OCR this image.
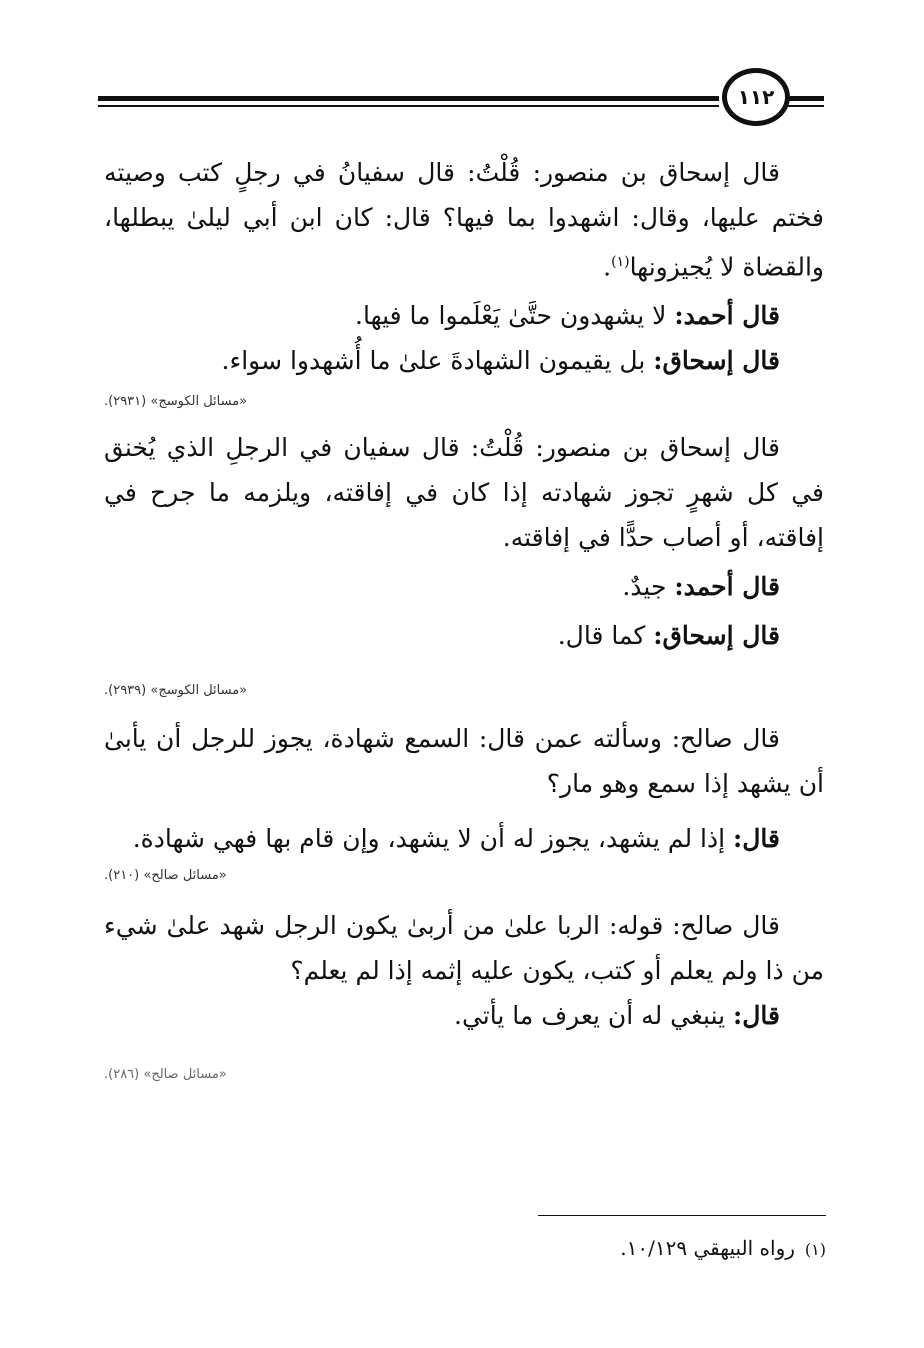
١١٢

قال إسحاق بن منصور: قُلْتُ: قال سفيانُ في رجلٍ كتب وصيته فختم عليها، وقال: اشهدوا بما فيها؟ قال: كان ابن أبي ليلىٰ يبطلها، والقضاة لا يُجيزونها$^{(١)}$.

قال أحمد: لا يشهدون حتَّىٰ يَعْلَموا ما فيها.

قال إسحاق: بل يقيمون الشهادةَ علىٰ ما أُشهدوا سواء.

«مسائل الكوسج» (٢٩٣١).

قال إسحاق بن منصور: قُلْتُ: قال سفيان في الرجلِ الذي يُخنق في كل شهرٍ تجوز شهادته إذا كان في إفاقته، ويلزمه ما جرح في إفاقته، أو أصاب حدًّا في إفاقته.

قال أحمد: جيدٌ.

قال إسحاق: كما قال.

«مسائل الكوسج» (٢٩٣٩).

قال صالح: وسألته عمن قال: السمع شهادة، يجوز للرجل أن يأبىٰ أن يشهد إذا سمع وهو مار؟

قال: إذا لم يشهد، يجوز له أن لا يشهد، وإن قام بها فهي شهادة.

«مسائل صالح» (٢١٠).

قال صالح: قوله: الربا علىٰ من أربىٰ يكون الرجل شهد علىٰ شيء من ذا ولم يعلم أو كتب، يكون عليه إثمه إذا لم يعلم؟

قال: ينبغي له أن يعرف ما يأتي.

«مسائل صالح» (٢٨٦).
(١)رواه البيهقي ١٠/١٢٩.
